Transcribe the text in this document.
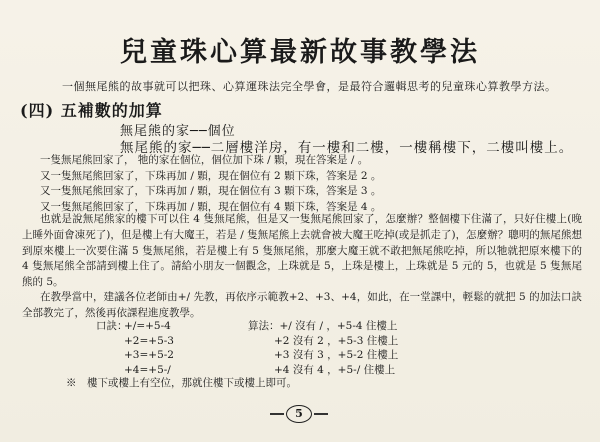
兒童珠心算最新故事教學法
一個無尾熊的故事就可以把珠、心算運珠法完全學會，是最符合邏輯思考的兒童珠心算教學方法。
(四) 五補數的加算
無尾熊的家──個位
無尾熊的家──二層樓洋房，有一樓和二樓，一樓稱樓下，二樓叫樓上。
一隻無尾熊回家了， 牠的家在個位，個位加下珠 / 顆，現在答案是 / 。
又一隻無尾熊回家了，下珠再加 / 顆，現在個位有 2 顆下珠，答案是 2 。
又一隻無尾熊回家了，下珠再加 / 顆，現在個位有 3 顆下珠，答案是 3 。
又一隻無尾熊回家了，下珠再加 / 顆，現在個位有 4 顆下珠，答案是 4 。
也就是說無尾熊家的樓下可以住 4 隻無尾熊，但是又一隻無尾熊回家了，怎麼辦？整個樓下住滿了，只好住樓上(晚上睡外面會凍死了)，但是樓上有大魔王，若是 / 隻無尾熊上去就會被大魔王吃掉(或是抓走了)，怎麼辦？聰明的無尾熊想到原來樓上一次要住滿 5 隻無尾熊，若是樓上有 5 隻無尾熊，那麼大魔王就不敢把無尾熊吃掉，所以牠就把原來樓下的 4 隻無尾熊全部請到樓上住了。請給小朋友一個觀念，上珠就是 5，上珠是樓上，上珠就是 5 元的 5，也就是 5 隻無尾熊的 5。
在教學當中，建議各位老師由+/ 先教，再依序示範教+2、+3、+4，如此，在一堂課中，輕鬆的就把 5 的加法口訣全部教完了，然後再依課程進度教學。
口訣：
+/=+5-4	算法：+/ 沒有 / ，+5-4 住樓上
+2=+5-3	+2 沒有 2 ，+5-3 住樓上
+3=+5-2	+3 沒有 3 ，+5-2 住樓上
+4=+5-/	+4 沒有 4 ，+5-/ 住樓上
※　樓下或樓上有空位，那就住樓下或樓上即可。
5
